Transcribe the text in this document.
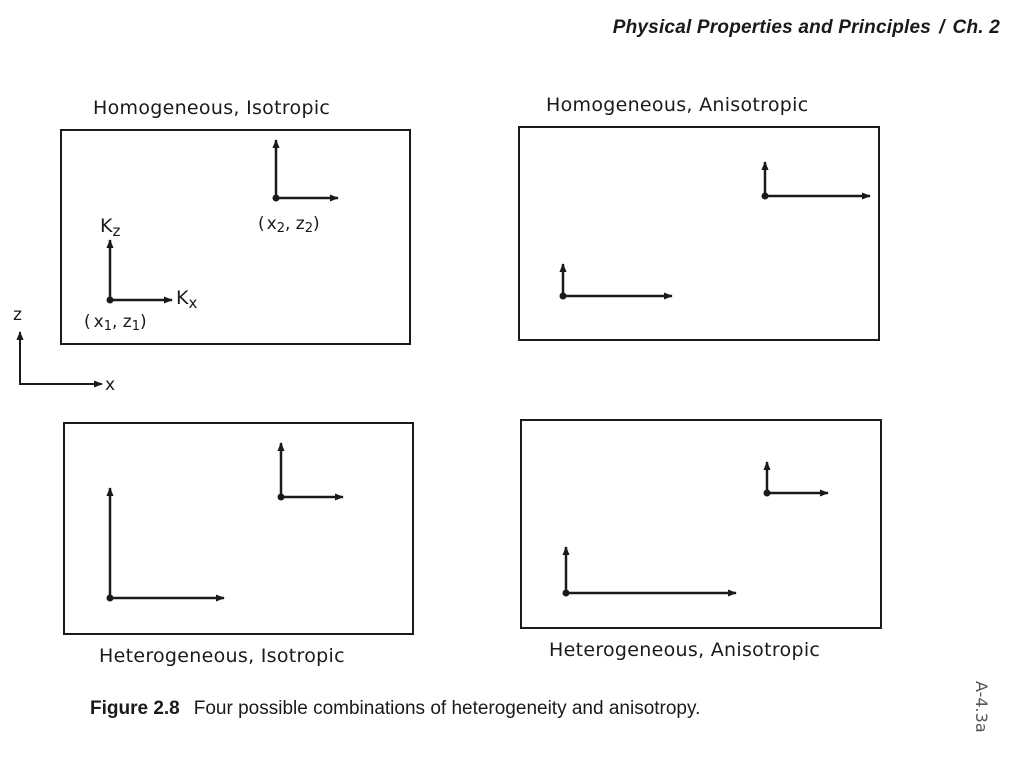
Physical Properties and Principles / Ch. 2
Homogeneous, Isotropic	Homogeneous, Anisotropic
Heterogeneous, Isotropic	Heterogeneous, Anisotropic
$K_z$
$K_x$
( x1, z1)
( x2, z2)
z
x
Figure 2.8 Four possible combinations of heterogeneity and anisotropy.	A-4.3a
